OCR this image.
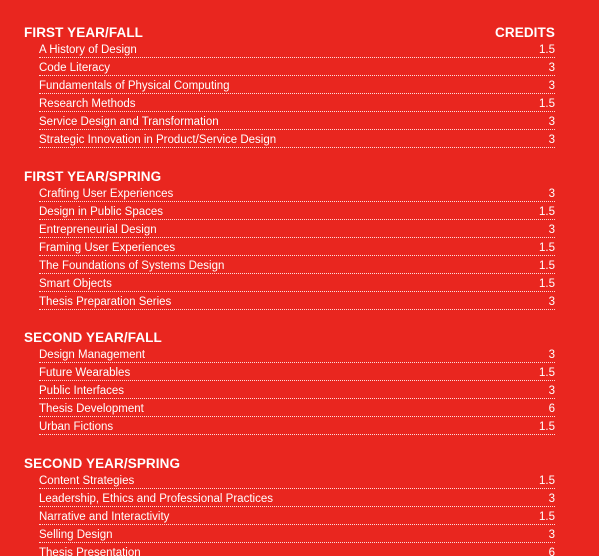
FIRST YEAR/FALL	CREDITS
A History of Design	1.5
Code Literacy	3
Fundamentals of Physical Computing	3
Research Methods	1.5
Service Design and Transformation	3
Strategic Innovation in Product/Service Design	3
FIRST YEAR/SPRING
Crafting User Experiences	3
Design in Public Spaces	1.5
Entrepreneurial Design	3
Framing User Experiences	1.5
The Foundations of Systems Design	1.5
Smart Objects	1.5
Thesis Preparation Series	3
SECOND YEAR/FALL
Design Management	3
Future Wearables	1.5
Public Interfaces	3
Thesis Development	6
Urban Fictions	1.5
SECOND YEAR/SPRING
Content Strategies	1.5
Leadership, Ethics and Professional Practices	3
Narrative and Interactivity	1.5
Selling Design	3
Thesis Presentation	6
